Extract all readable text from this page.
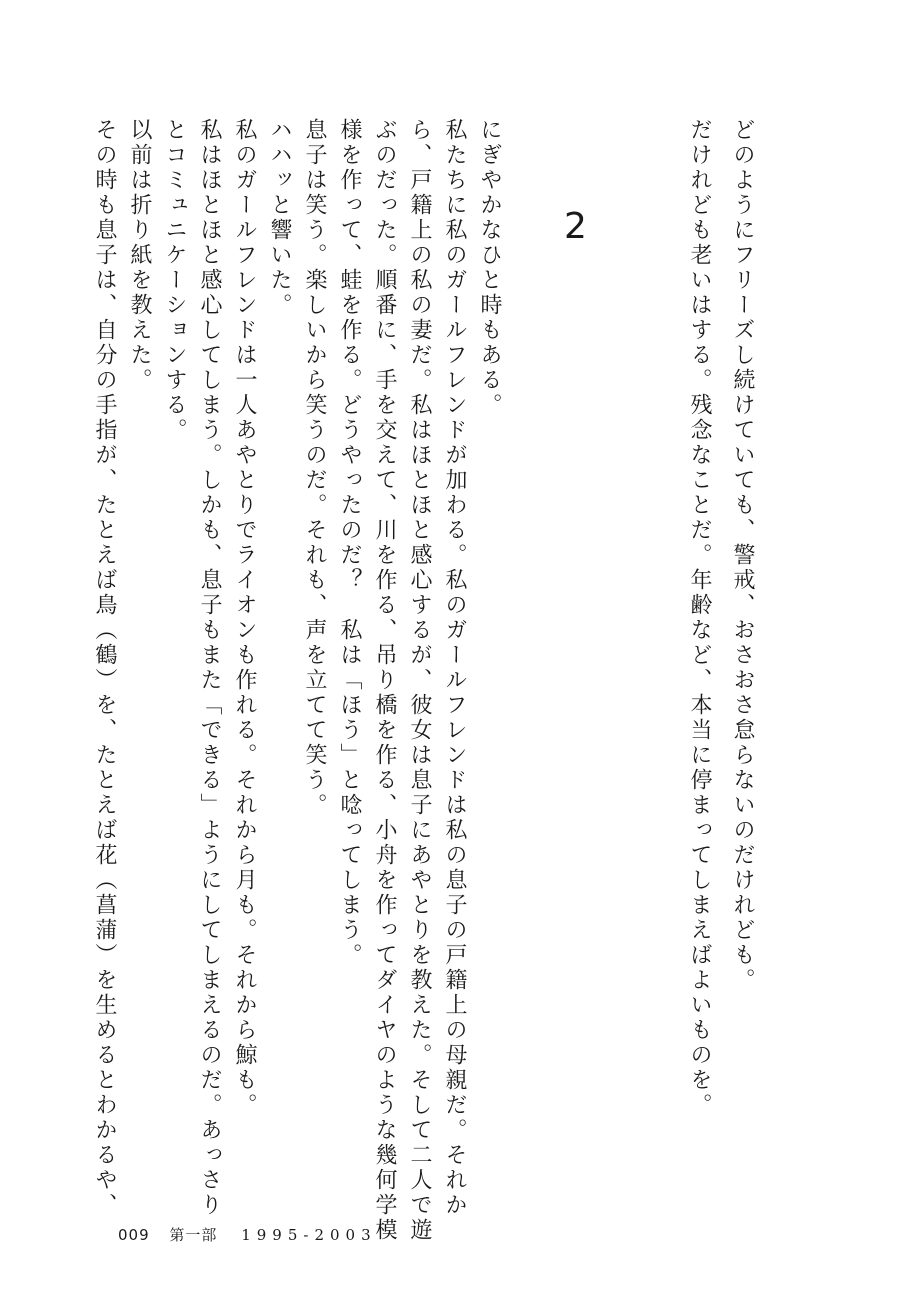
どのようにフリーズし続けていても、警戒、おさおさ怠らないのだけれども。
だけれども老いはする。残念なことだ。年齢など、本当に停まってしまえばよいものを。
2
にぎやかなひと時もある。
私たちに私のガールフレンドが加わる。私のガールフレンドは私の息子の戸籍上の母親だ。それか
ら、戸籍上の私の妻だ。私はほとほと感心するが、彼女は息子にあやとりを教えた。そして二人で遊
ぶのだった。順番に、手を交えて、川を作る、吊り橋を作る、小舟を作ってダイヤのような幾何学模
様を作って、蛙を作る。どうやったのだ？　私は「ほう」と唸ってしまう。
息子は笑う。楽しいから笑うのだ。それも、声を立てて笑う。
ハハッと響いた。
私のガールフレンドは一人あやとりでライオンも作れる。それから月も。それから鯨も。
私はほとほと感心してしまう。しかも、息子もまた「できる」ようにしてしまえるのだ。あっさり
とコミュニケーションする。
以前は折り紙を教えた。
その時も息子は、自分の手指が、たとえば鳥（鶴）を、たとえば花（菖蒲）を生めるとわかるや、
009 第一部 1995-2003
